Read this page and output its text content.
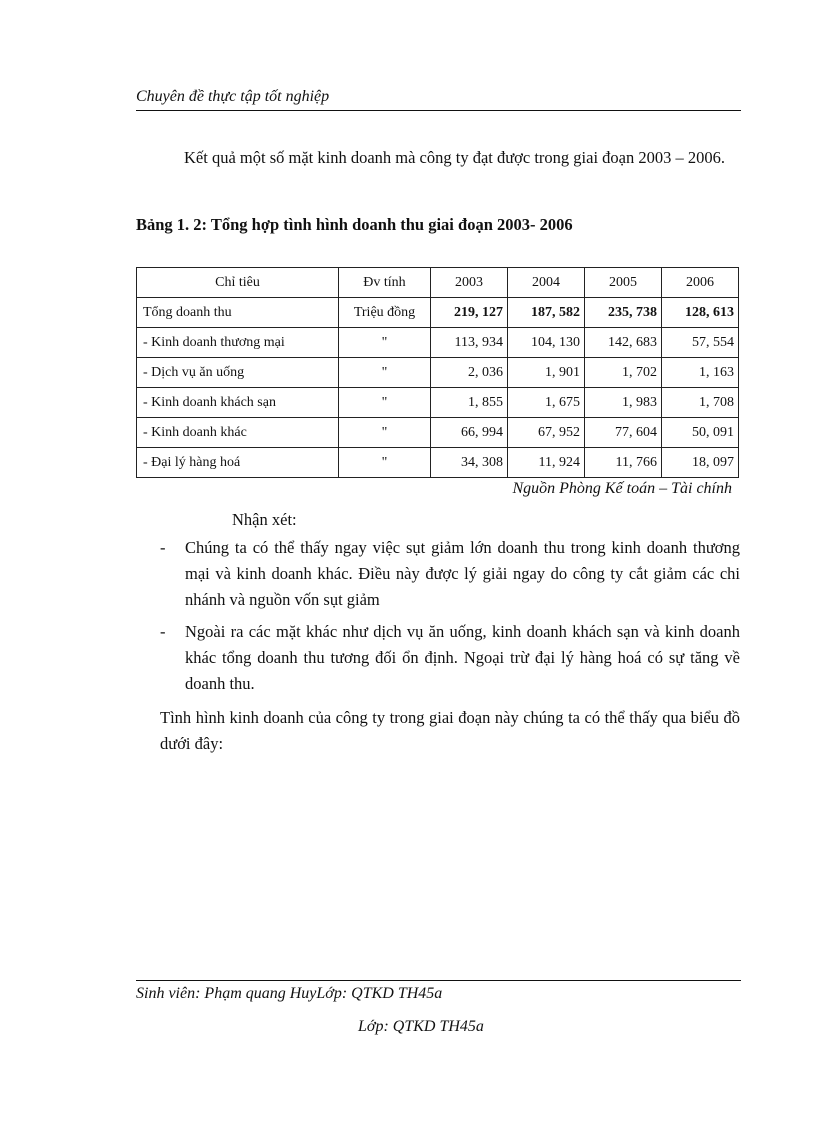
Chuyên đề thực tập tốt nghiệp
Kết quả một số mặt kinh doanh mà công ty đạt được trong giai đoạn 2003 – 2006.
Bảng 1. 2: Tổng hợp tình hình doanh thu giai đoạn 2003- 2006
Chỉ tiêu	Đv tính	2003	2004	2005	2006
Tổng doanh thu	Triệu đồng	219, 127	187, 582	235, 738	128, 613
- Kinh doanh thương mại	"	113, 934	104, 130	142, 683	57, 554
- Dịch vụ ăn uống	"	2, 036	1, 901	1, 702	1, 163
- Kinh doanh khách sạn	"	1, 855	1, 675	1, 983	1, 708
- Kinh doanh khác	"	66, 994	67, 952	77, 604	50, 091
- Đại lý hàng hoá	"	34, 308	11, 924	11, 766	18, 097
Nguồn Phòng Kế toán – Tài chính
Nhận xét:
- Chúng ta có thể thấy ngay việc sụt giảm lớn doanh thu trong kinh doanh thương mại và kinh doanh khác. Điều này được lý giải ngay do công ty cắt giảm các chi nhánh và nguồn vốn sụt giảm
- Ngoài ra các mặt khác như dịch vụ ăn uống, kinh doanh khách sạn và kinh doanh khác tổng doanh thu tương đối ổn định. Ngoại trừ đại lý hàng hoá có sự tăng về doanh thu.
Tình hình kinh doanh của công ty trong giai đoạn này chúng ta có thể thấy qua biểu đồ dưới đây:
Sinh viên: Phạm quang HuyLớp: QTKD TH45a
Lớp: QTKD TH45a
